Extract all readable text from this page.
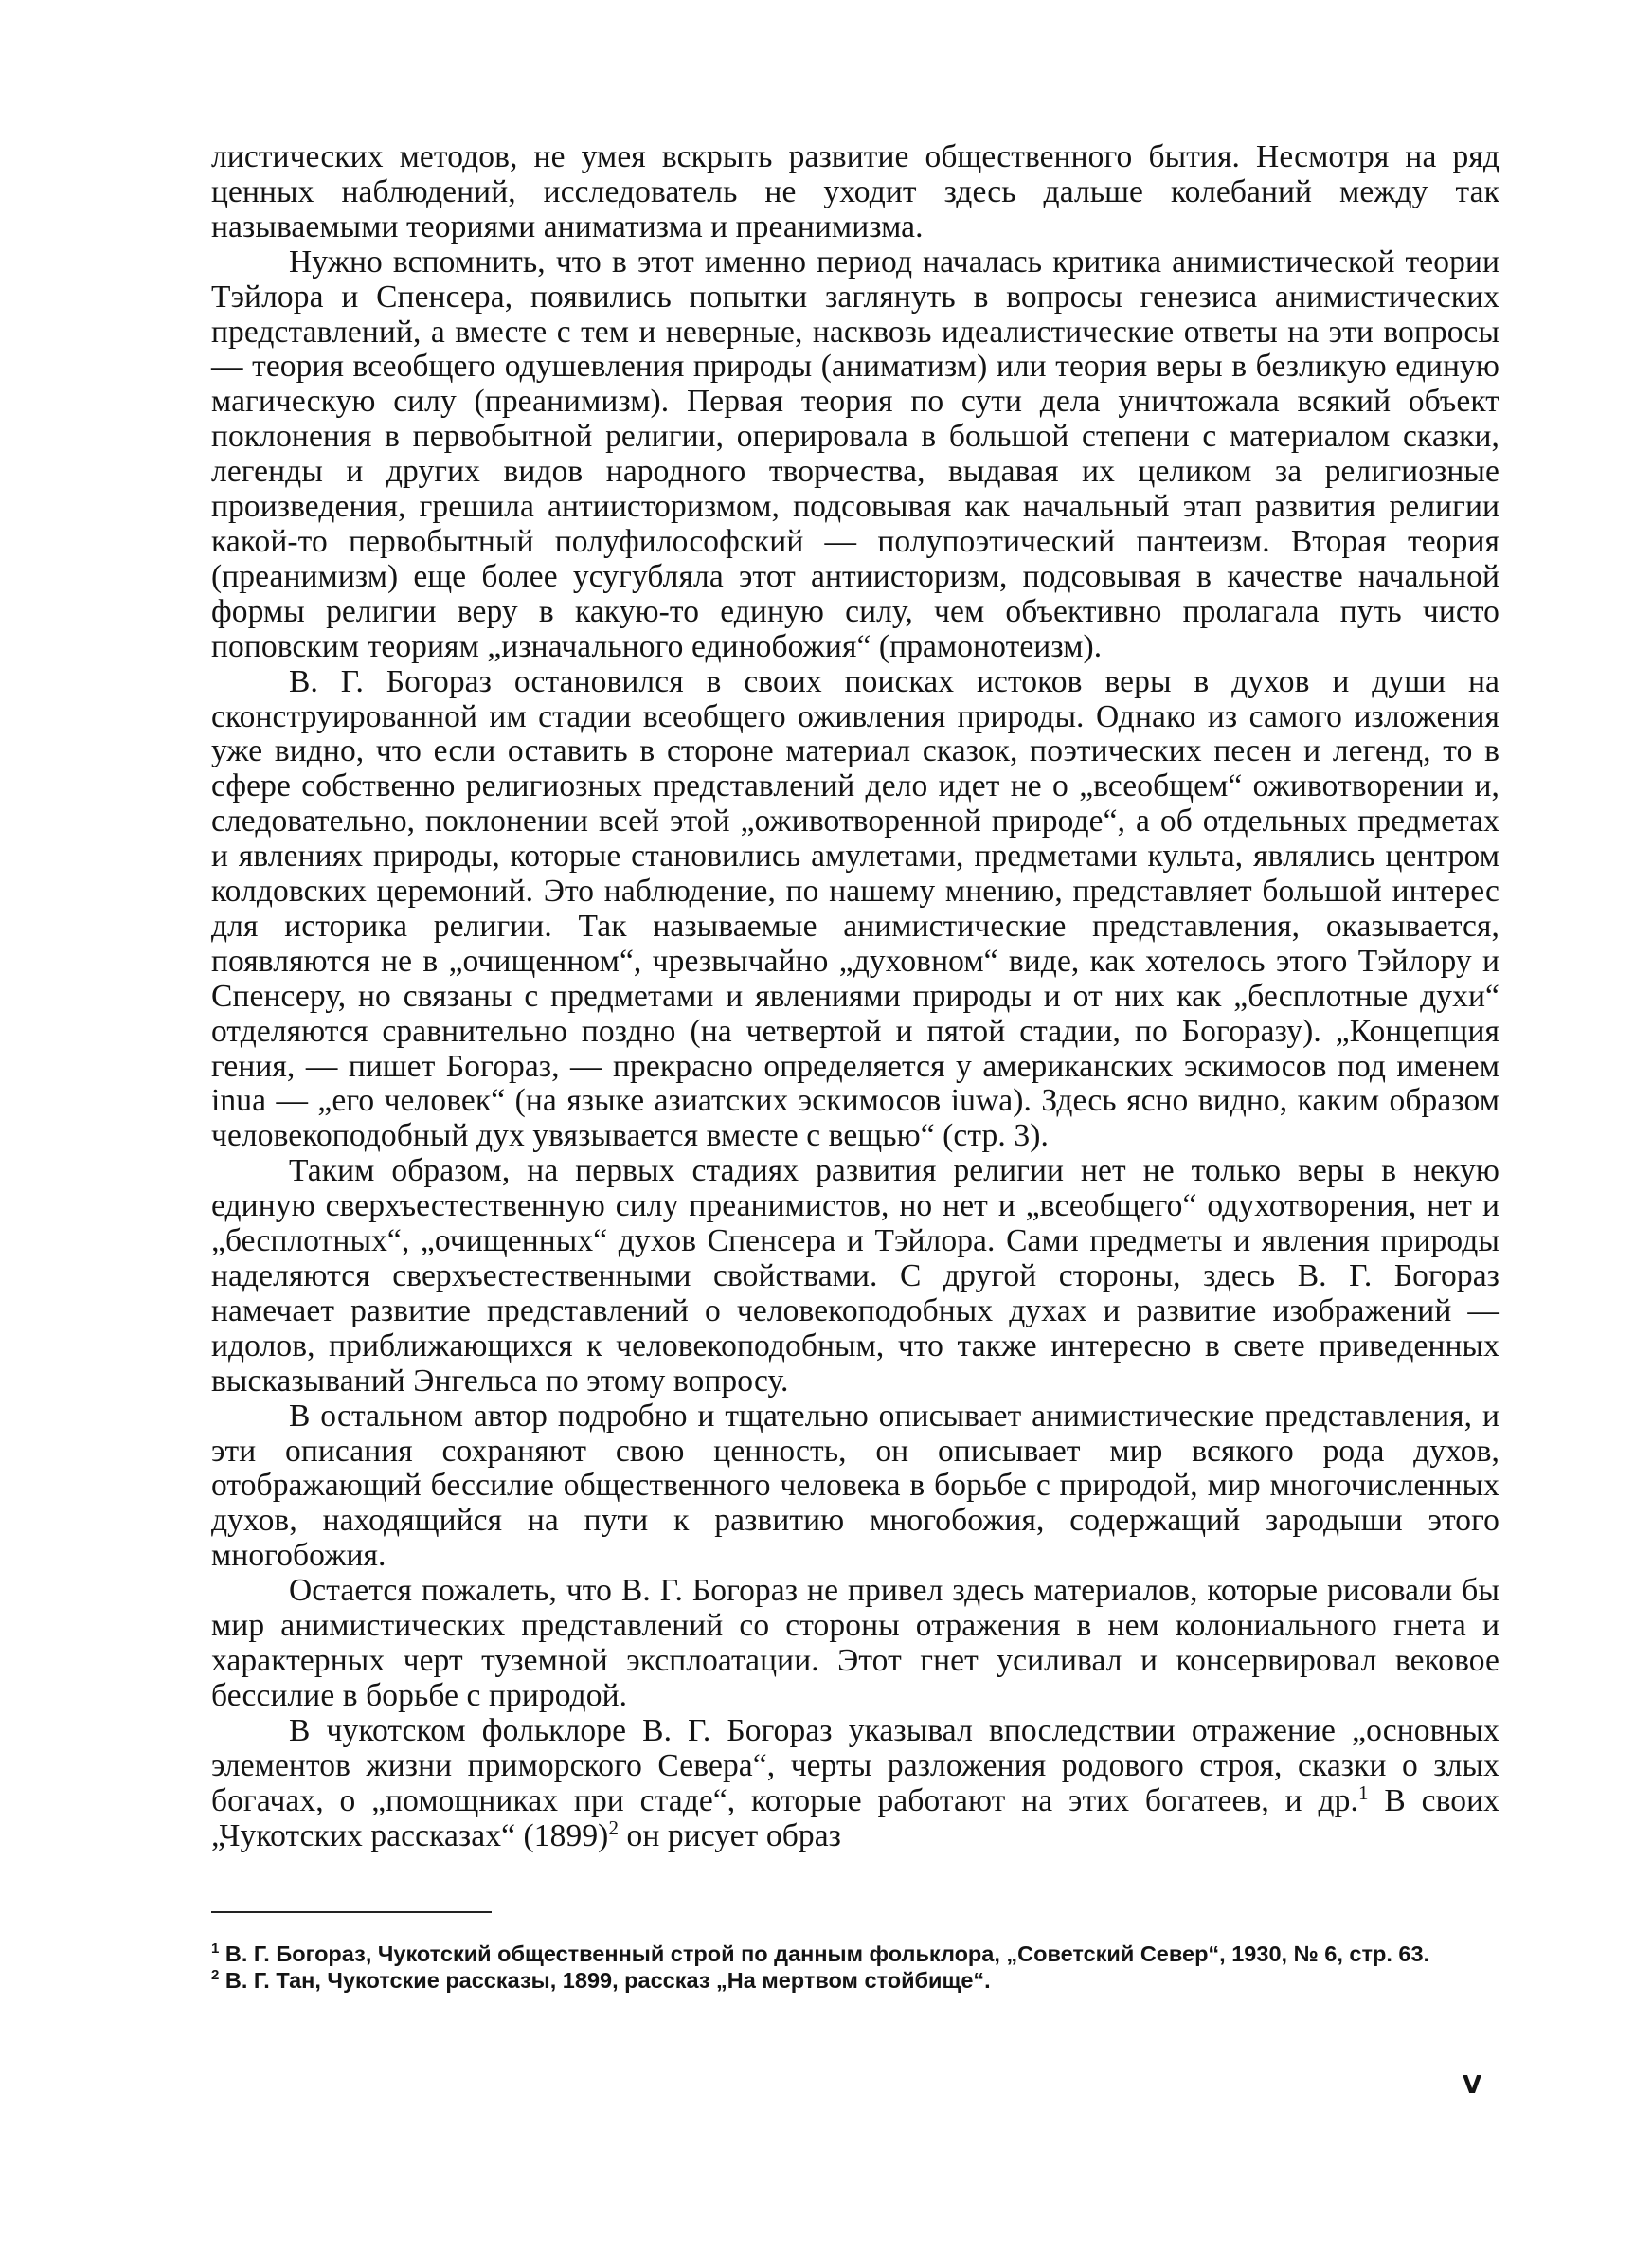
листических методов, не умея вскрыть развитие общественного бытия. Несмотря на ряд ценных наблюдений, исследователь не уходит здесь дальше колебаний между так называемыми теориями аниматизма и преанимизма.

Нужно вспомнить, что в этот именно период началась критика анимистической теории Тэйлора и Спенсера, появились попытки заглянуть в вопросы генезиса анимистических представлений, а вместе с тем и неверные, насквозь идеалистические ответы на эти вопросы — теория всеобщего одушевления природы (аниматизм) или теория веры в безликую единую магическую силу (преанимизм). Первая теория по сути дела уничтожала всякий объект поклонения в первобытной религии, оперировала в большой степени с материалом сказки, легенды и других видов народного творчества, выдавая их целиком за религиозные произведения, грешила антиисторизмом, подсовывая как начальный этап развития религии какой-то первобытный полуфилософский — полупоэтический пантеизм. Вторая теория (преанимизм) еще более усугубляла этот антиисторизм, подсовывая в качестве начальной формы религии веру в какую-то единую силу, чем объективно пролагала путь чисто поповским теориям „изначального единобожия“ (прамонотеизм).

В. Г. Богораз остановился в своих поисках истоков веры в духов и души на сконструированной им стадии всеобщего оживления природы. Однако из самого изложения уже видно, что если оставить в стороне материал сказок, поэтических песен и легенд, то в сфере собственно религиозных представлений дело идет не о „всеобщем“ оживотворении и, следовательно, поклонении всей этой „оживотворенной природе“, а об отдельных предметах и явлениях природы, которые становились амулетами, предметами культа, являлись центром колдовских церемоний. Это наблюдение, по нашему мнению, представляет большой интерес для историка религии. Так называемые анимистические представления, оказывается, появляются не в „очищенном“, чрезвычайно „духовном“ виде, как хотелось этого Тэйлору и Спенсеру, но связаны с предметами и явлениями природы и от них как „бесплотные духи“ отделяются сравнительно поздно (на четвертой и пятой стадии, по Богоразу). „Концепция гения, — пишет Богораз, — прекрасно определяется у американских эскимосов под именем inua — „его человек“ (на языке азиатских эскимосов iuwa). Здесь ясно видно, каким образом человекоподобный дух увязывается вместе с вещью“ (стр. 3).

Таким образом, на первых стадиях развития религии нет не только веры в некую единую сверхъестественную силу преанимистов, но нет и „всеобщего“ одухотворения, нет и „бесплотных“, „очищенных“ духов Спенсера и Тэйлора. Сами предметы и явления природы наделяются сверхъестественными свойствами. С другой стороны, здесь В. Г. Богораз намечает развитие представлений о человекоподобных духах и развитие изображений — идолов, приближающихся к человекоподобным, что также интересно в свете приведенных высказываний Энгельса по этому вопросу.

В остальном автор подробно и тщательно описывает анимистические представления, и эти описания сохраняют свою ценность, он описывает мир всякого рода духов, отображающий бессилие общественного человека в борьбе с природой, мир многочисленных духов, находящийся на пути к развитию многобожия, содержащий зародыши этого многобожия.

Остается пожалеть, что В. Г. Богораз не привел здесь материалов, которые рисовали бы мир анимистических представлений со стороны отражения в нем колониального гнета и характерных черт туземной эксплоатации. Этот гнет усиливал и консервировал вековое бессилие в борьбе с природой.

В чукотском фольклоре В. Г. Богораз указывал впоследствии отражение „основных элементов жизни приморского Севера“, черты разложения родового строя, сказки о злых богачах, о „помощниках при стаде“, которые работают на этих богатеев, и др.$^1$ В своих „Чукотских рассказах“ (1899)$^2$ он рисует образ

$^1$ В. Г. Богораз, Чукотский общественный строй по данным фольклора, „Советский Север“, 1930, № 6, стр. 63.

$^2$ В. Г. Тан, Чукотские рассказы, 1899, рассказ „На мертвом стойбище“.

V
